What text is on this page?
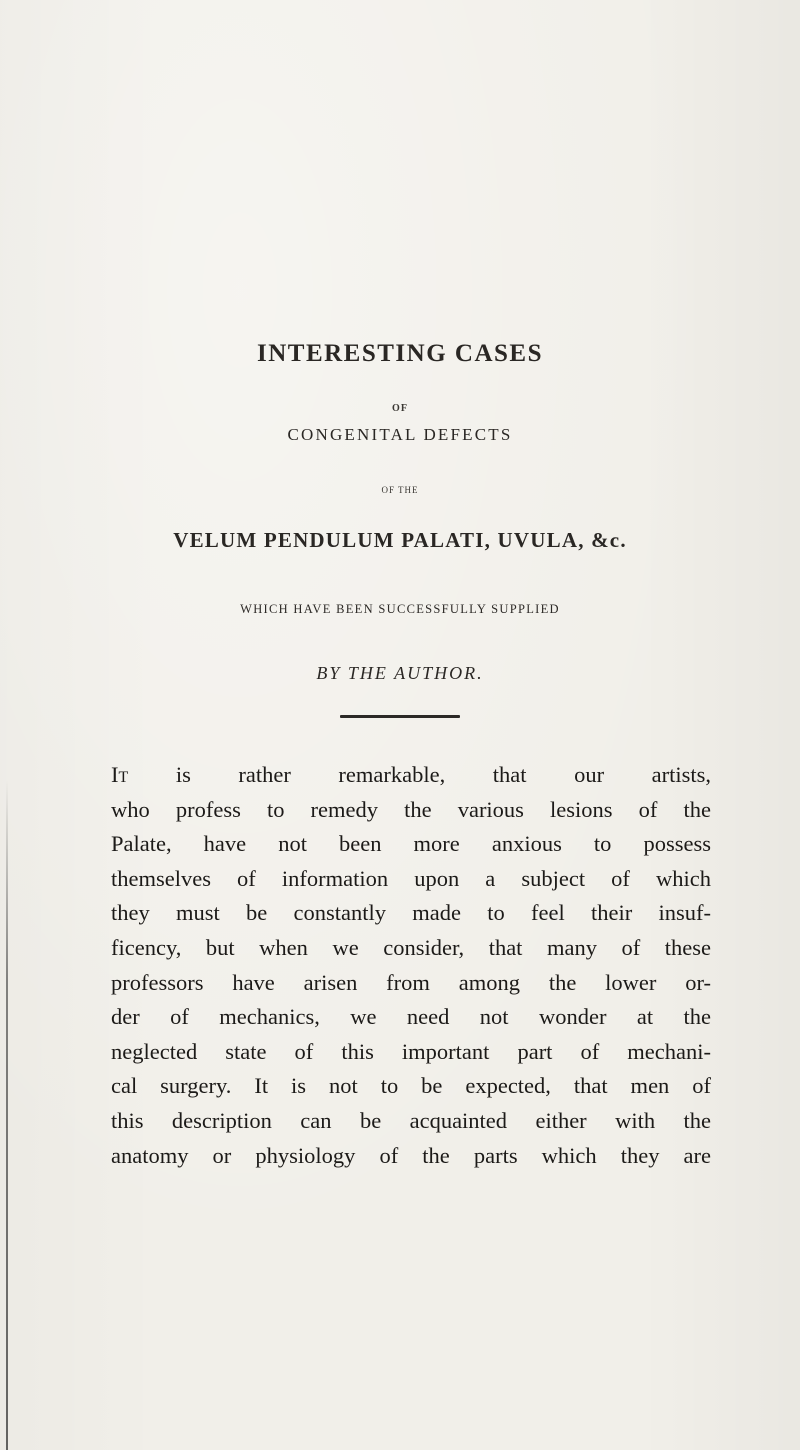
INTERESTING CASES
OF
CONGENITAL DEFECTS
OF THE
VELUM PENDULUM PALATI, UVULA, &c.
WHICH HAVE BEEN SUCCESSFULLY SUPPLIED
BY THE AUTHOR.
It is rather remarkable, that our artists,
who profess to remedy the various lesions of the
Palate, have not been more anxious to possess
themselves of information upon a subject of which
they must be constantly made to feel their insuf-
ficency, but when we consider, that many of these
professors have arisen from among the lower or-
der of mechanics, we need not wonder at the
neglected state of this important part of mechani-
cal surgery. It is not to be expected, that men of
this description can be acquainted either with the
anatomy or physiology of the parts which they are
